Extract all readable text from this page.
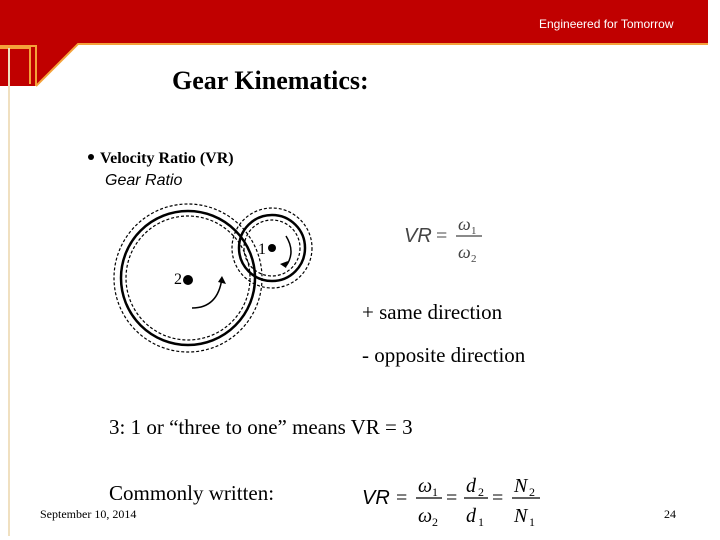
Engineered for Tomorrow
Gear Kinematics:
Velocity Ratio (VR)
Gear Ratio
1
2
VR =
ω 1
ω 2
+ same direction
- opposite direction
3: 1 or “three to one” means VR = 3
Commonly written:	VR =
ω 1
ω 2
=
d 2
d 1
=
N 2
N 1
September 10, 2014	24
